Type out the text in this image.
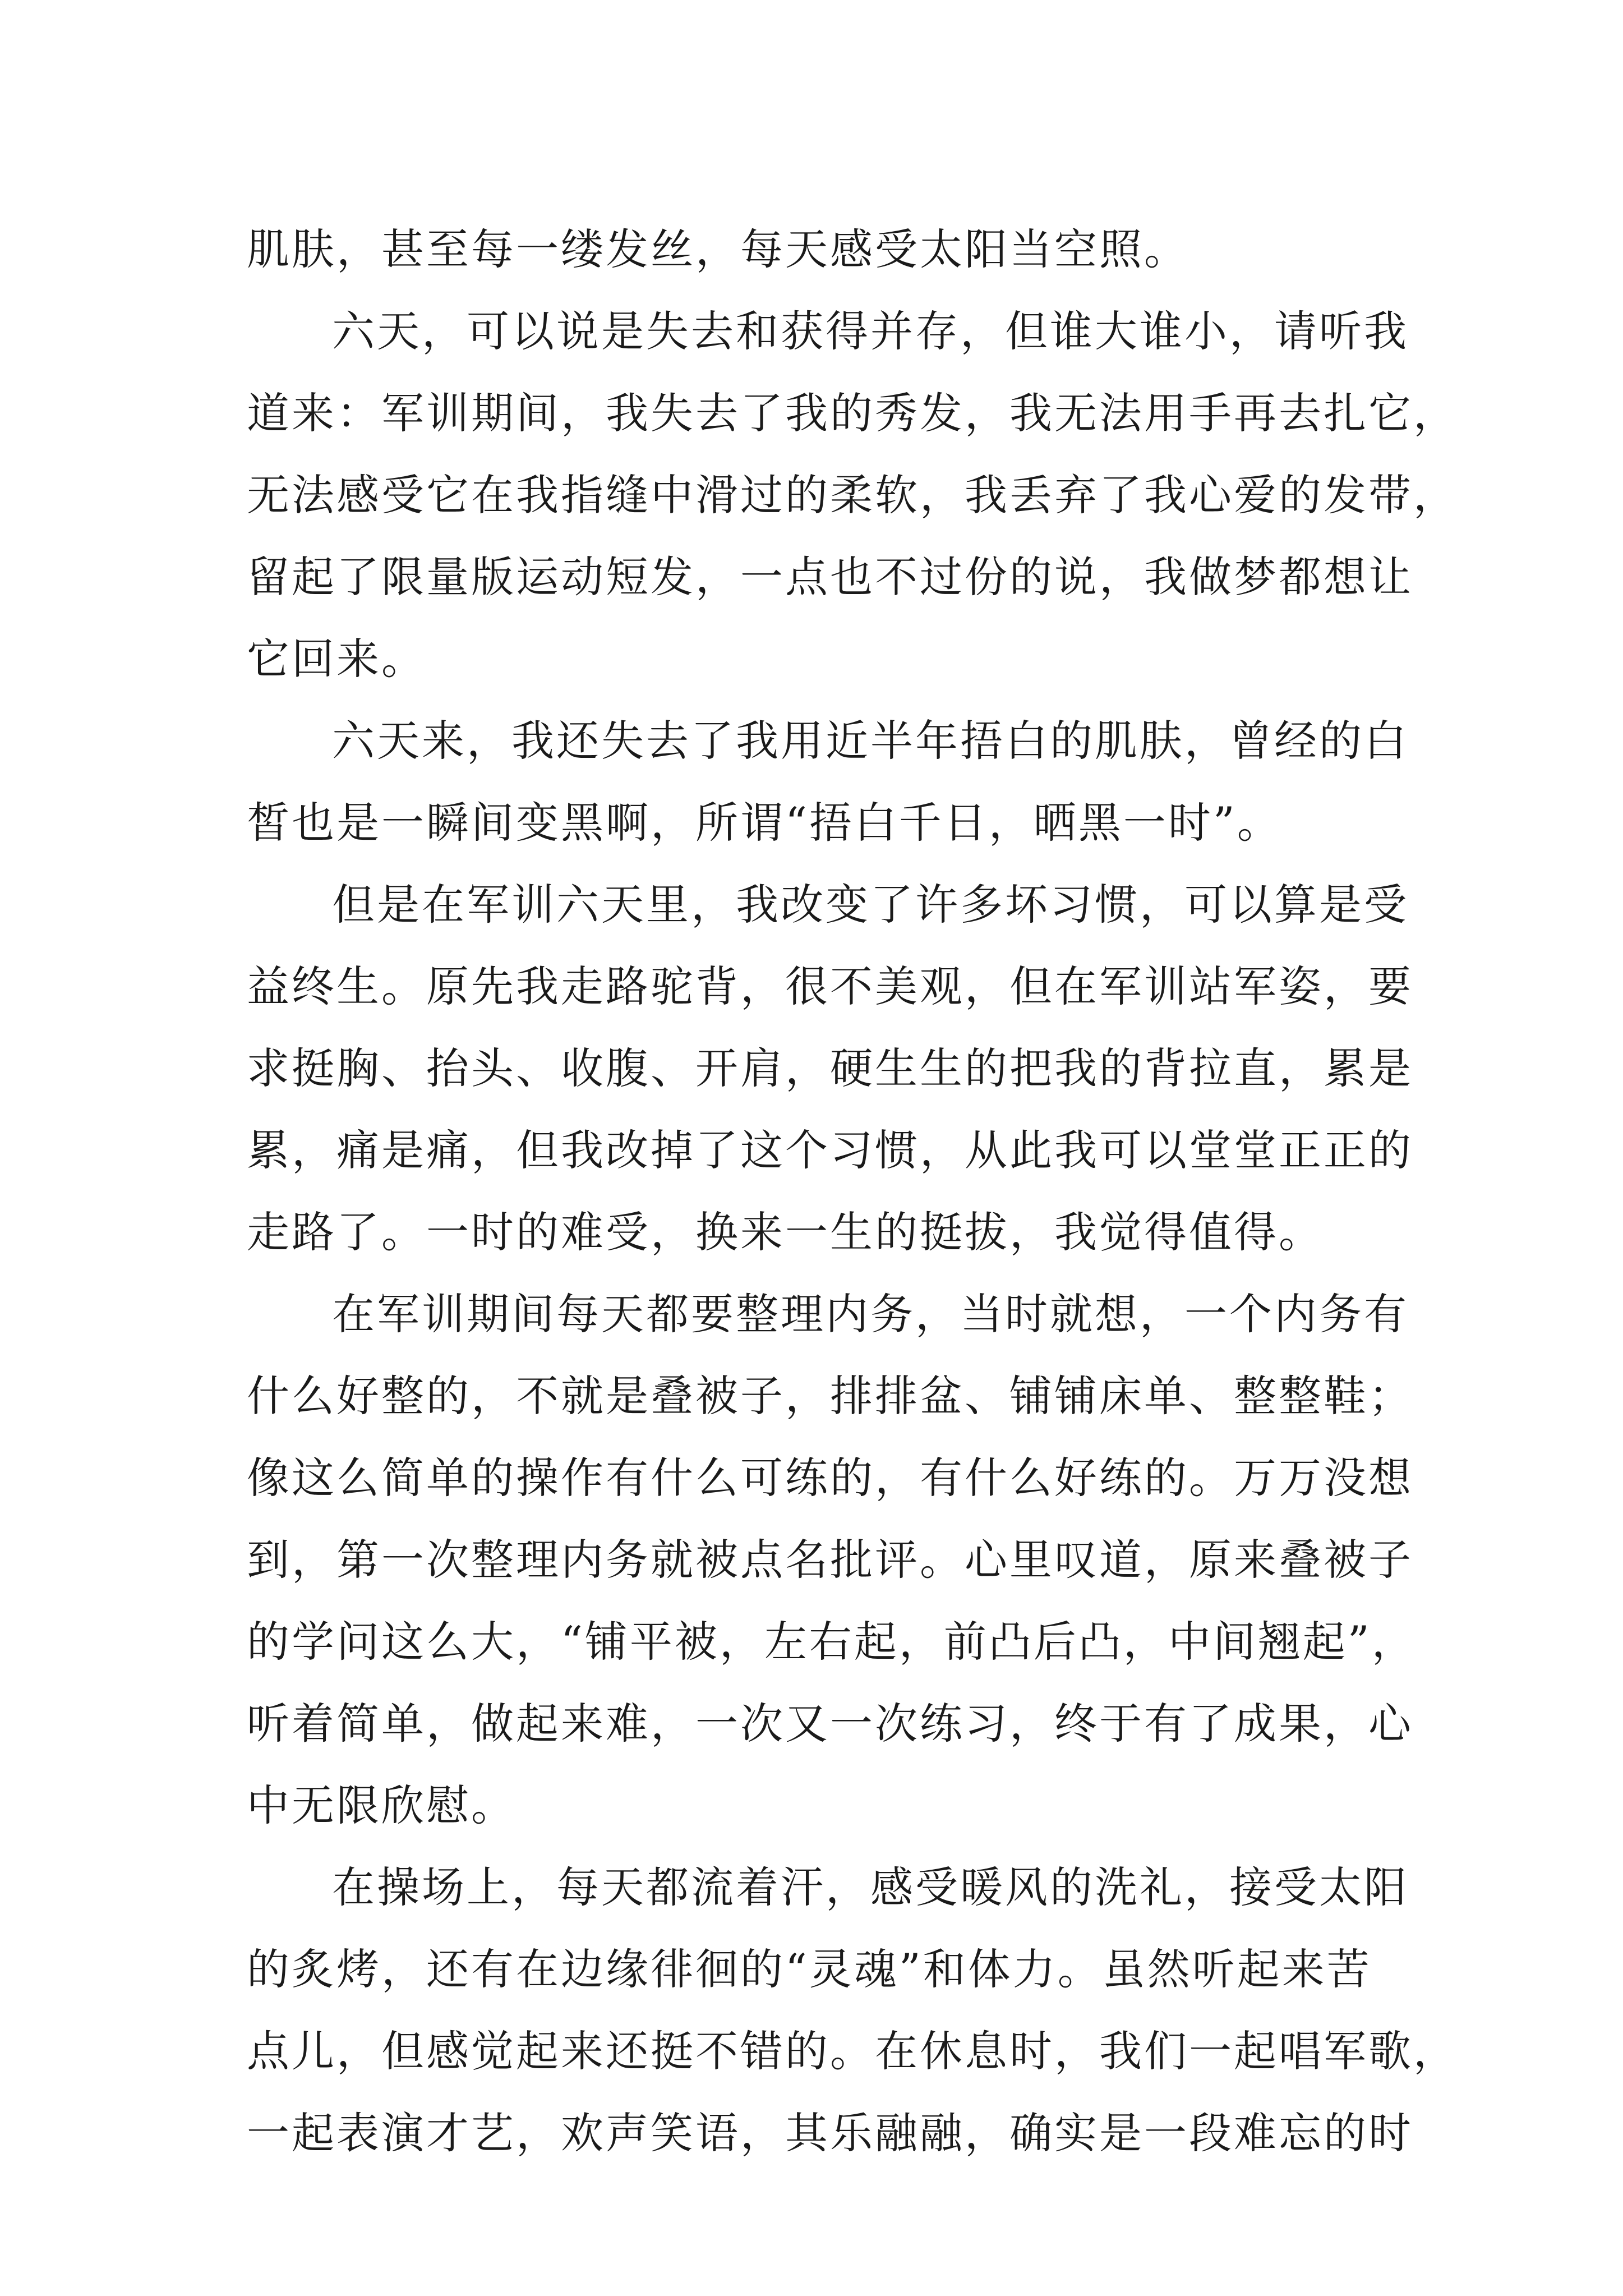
肌肤，甚至每一缕发丝，每天感受太阳当空照。
六天，可以说是失去和获得并存，但谁大谁小，请听我
道来：军训期间，我失去了我的秀发，我无法用手再去扎它，
无法感受它在我指缝中滑过的柔软，我丢弃了我心爱的发带，
留起了限量版运动短发，一点也不过份的说，我做梦都想让
它回来。
六天来，我还失去了我用近半年捂白的肌肤，曾经的白
皙也是一瞬间变黑啊，所谓“捂白千日，晒黑一时”。
但是在军训六天里，我改变了许多坏习惯，可以算是受
益终生。原先我走路驼背，很不美观，但在军训站军姿，要
求挺胸、抬头、收腹、开肩，硬生生的把我的背拉直，累是
累，痛是痛，但我改掉了这个习惯，从此我可以堂堂正正的
走路了。一时的难受，换来一生的挺拔，我觉得值得。
在军训期间每天都要整理内务，当时就想，一个内务有
什么好整的，不就是叠被子，排排盆、铺铺床单、整整鞋；
像这么简单的操作有什么可练的，有什么好练的。万万没想
到，第一次整理内务就被点名批评。心里叹道，原来叠被子
的学问这么大，“铺平被，左右起，前凸后凸，中间翘起”，
听着简单，做起来难，一次又一次练习，终于有了成果，心
中无限欣慰。
在操场上，每天都流着汗，感受暖风的洗礼，接受太阳
的炙烤，还有在边缘徘徊的“灵魂”和体力。虽然听起来苦
点儿，但感觉起来还挺不错的。在休息时，我们一起唱军歌，
一起表演才艺，欢声笑语，其乐融融，确实是一段难忘的时
